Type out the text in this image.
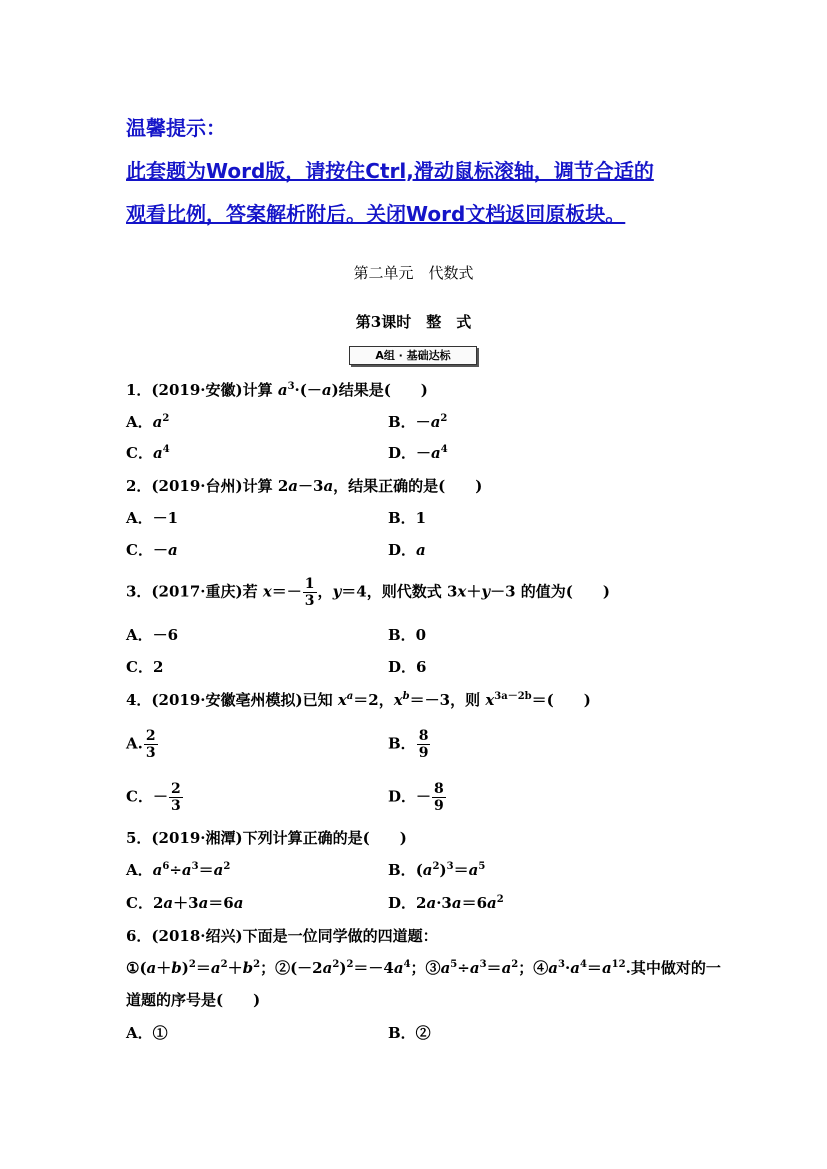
温馨提示：
此套题为Word版，请按住Ctrl,滑动鼠标滚轴，调节合适的
观看比例，答案解析附后。关闭Word文档返回原板块。
第二单元　代数式
第3课时　整　式
A组 · 基础达标
1．(2019·安徽)计算 $a^3\cdot(-a)$结果是(　　)
A．$a^2$	B．$-a^2$
C．$a^4$	D．$-a^4$
2．(2019·台州)计算 2a－3a，结果正确的是(　　)
A．－1	B．1
C．－a	D．a
3．(2017·重庆)若 $x=- \frac{1}{3}$ ，y＝4，则代数式 3x＋y－3 的值为(　　)
A．－6	B．0
C．2	D．6
4．(2019·安徽亳州模拟)已知 $x^a=2$，$x^b=-3$，则 $x^{3a-2b}=$(　　)
A. $\frac{2}{3}$	B． $\frac{8}{9}$
C．－ $\frac{2}{3}$	D．－ $\frac{8}{9}$
5．(2019·湘潭)下列计算正确的是(　　)
A．$a^6\div a^3=a^2$	B．$(a^2)^3=a^5$
C．2a＋3a＝6a	D．$2a\cdot 3a=6a^2$
6．(2018·绍兴)下面是一位同学做的四道题：
$①(a+b)^2=a^2+b^2$；$②(-2a^2)^2=-4a^4$；$③a^5\div a^3=a^2$；$④a^3\cdot a^4=a^{12}$.其中做对的一
道题的序号是(　　)
A．①	B．②
